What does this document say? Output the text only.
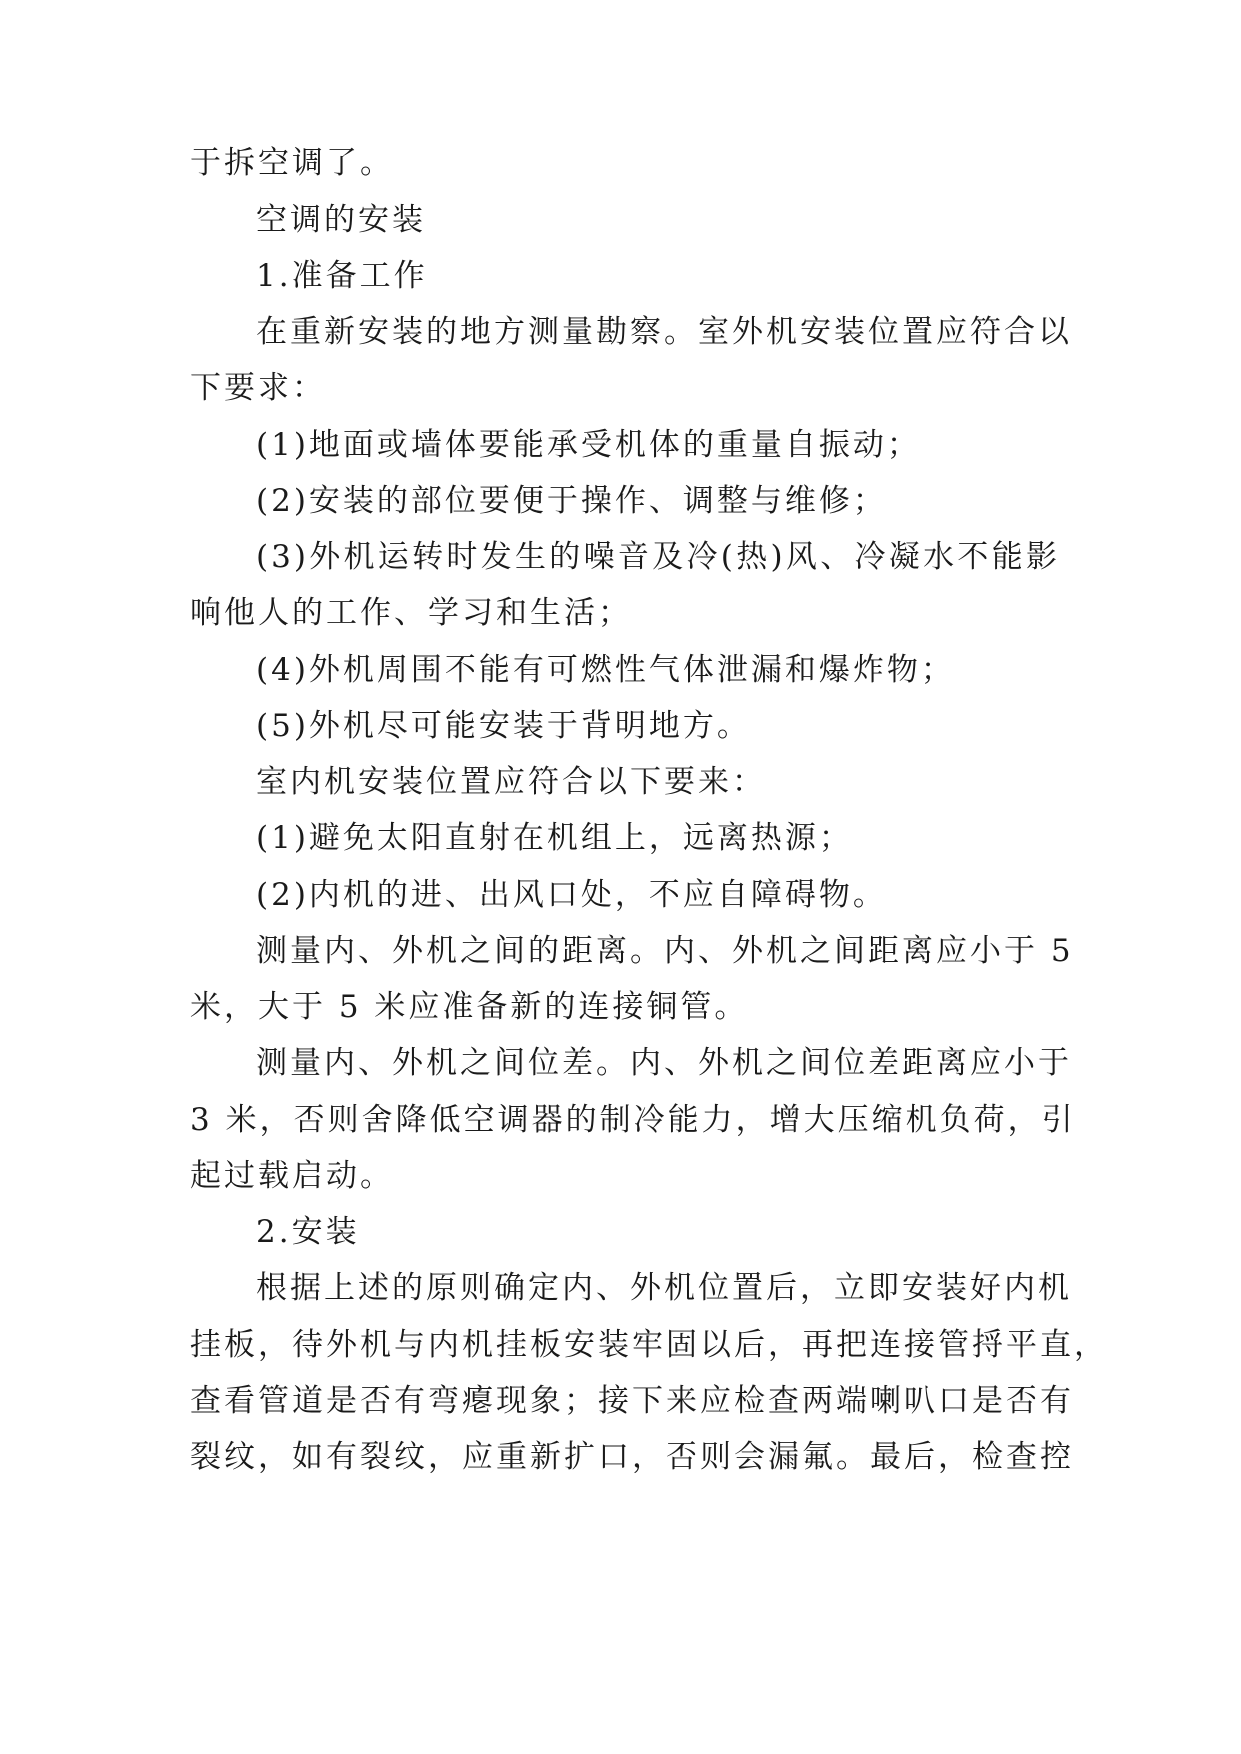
于拆空调了。
空调的安装
1.准备工作
在重新安装的地方测量勘察。室外机安装位置应符合以
下要求：
(1)地面或墙体要能承受机体的重量自振动；
(2)安装的部位要便于操作、调整与维修；
(3)外机运转时发生的噪音及冷(热)风、冷凝水不能影
响他人的工作、学习和生活；
(4)外机周围不能有可燃性气体泄漏和爆炸物；
(5)外机尽可能安装于背明地方。
室内机安装位置应符合以下要来：
(1)避免太阳直射在机组上，远离热源；
(2)内机的进、出风口处，不应自障碍物。
测量内、外机之间的距离。内、外机之间距离应小于 5
米，大于 5 米应准备新的连接铜管。
测量内、外机之间位差。内、外机之间位差距离应小于
3 米，否则舍降低空调器的制冷能力，增大压缩机负荷，引
起过载启动。
2.安装
根据上述的原则确定内、外机位置后，立即安装好内机
挂板，待外机与内机挂板安装牢固以后，再把连接管捋平直，
查看管道是否有弯瘪现象；接下来应检查两端喇叭口是否有
裂纹，如有裂纹，应重新扩口，否则会漏氟。最后，检查控
